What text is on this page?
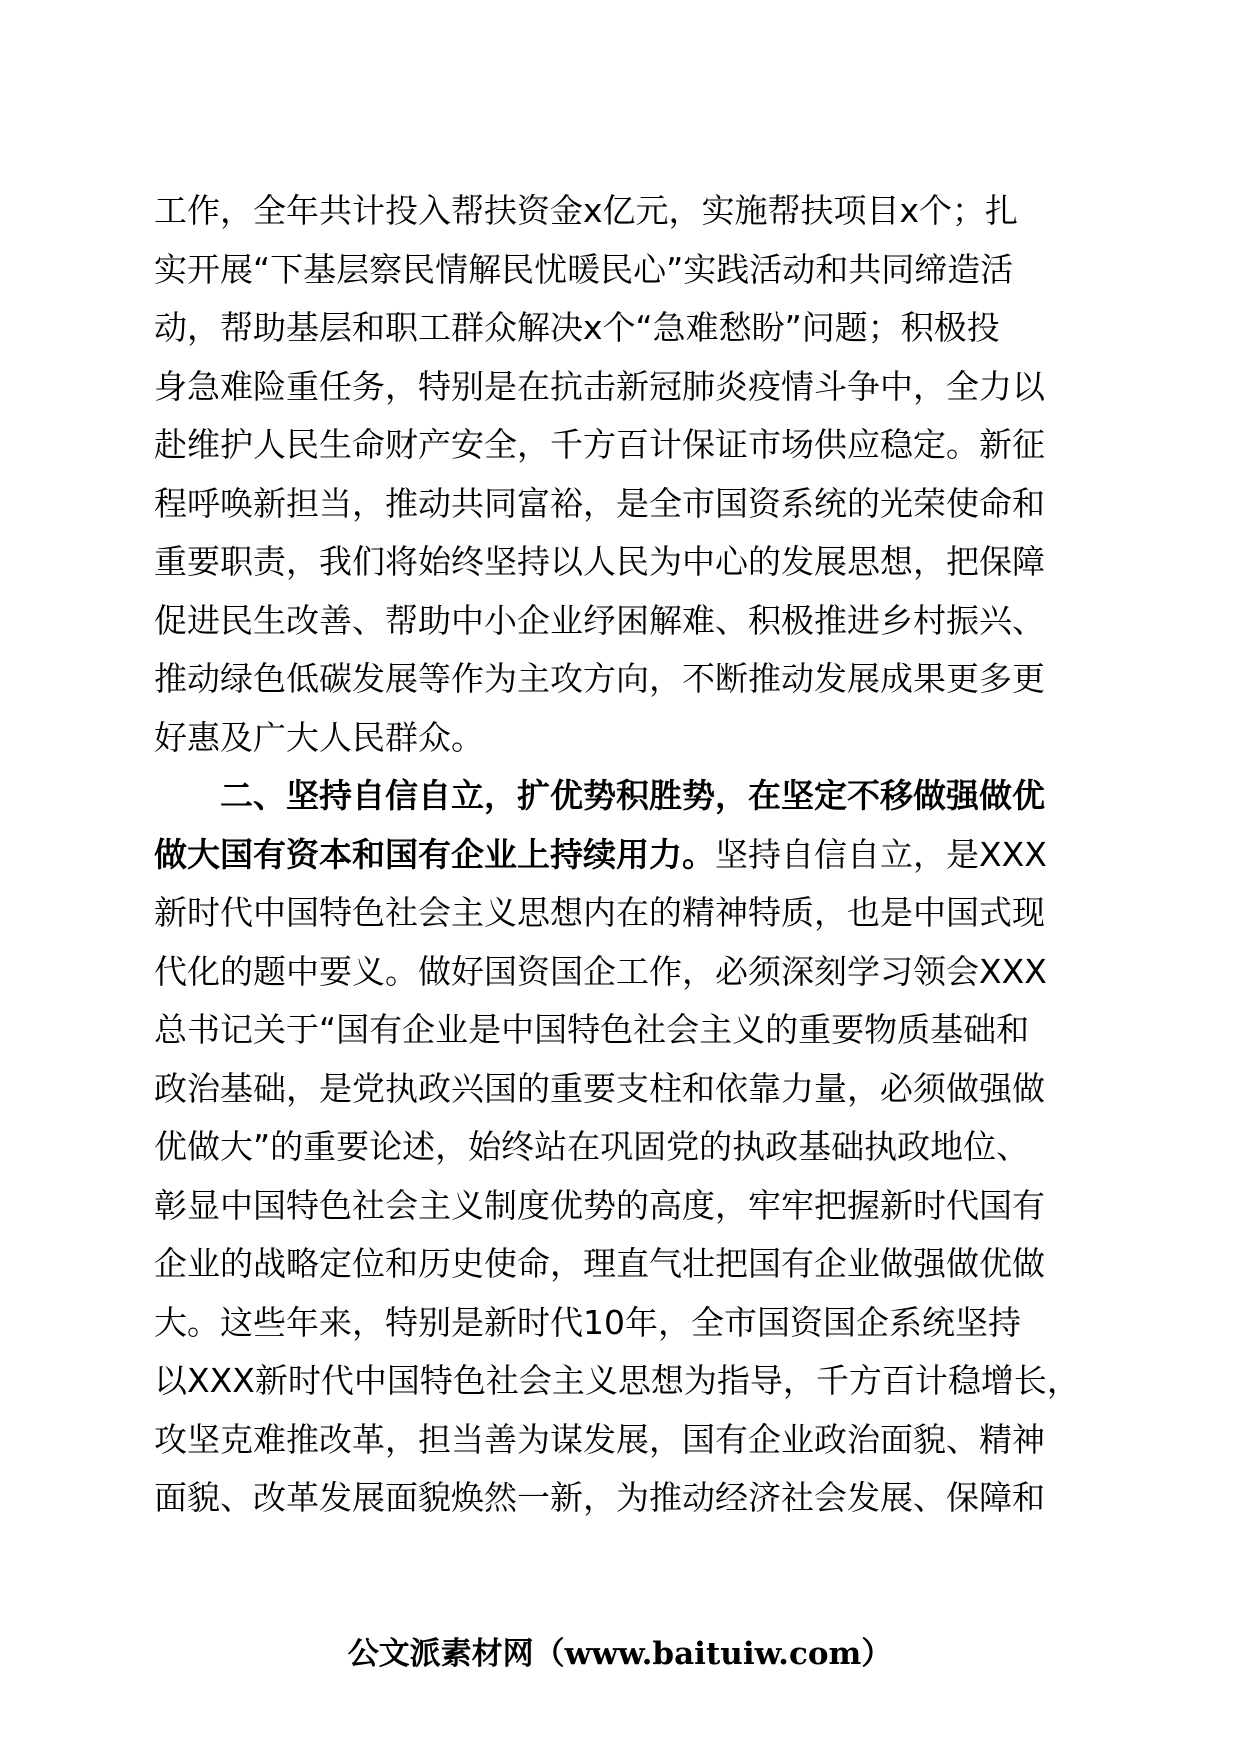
工作，全年共计投入帮扶资金x亿元，实施帮扶项目x个；扎
实开展“下基层察民情解民忧暖民心”实践活动和共同缔造活
动，帮助基层和职工群众解决x个“急难愁盼”问题；积极投
身急难险重任务，特别是在抗击新冠肺炎疫情斗争中，全力以
赴维护人民生命财产安全，千方百计保证市场供应稳定。新征
程呼唤新担当，推动共同富裕，是全市国资系统的光荣使命和
重要职责，我们将始终坚持以人民为中心的发展思想，把保障
促进民生改善、帮助中小企业纾困解难、积极推进乡村振兴、
推动绿色低碳发展等作为主攻方向，不断推动发展成果更多更
好惠及广大人民群众。
二、坚持自信自立，扩优势积胜势，在坚定不移做强做优
做大国有资本和国有企业上持续用力。坚持自信自立，是XXX
新时代中国特色社会主义思想内在的精神特质，也是中国式现
代化的题中要义。做好国资国企工作，必须深刻学习领会XXX
总书记关于“国有企业是中国特色社会主义的重要物质基础和
政治基础，是党执政兴国的重要支柱和依靠力量，必须做强做
优做大”的重要论述，始终站在巩固党的执政基础执政地位、
彰显中国特色社会主义制度优势的高度，牢牢把握新时代国有
企业的战略定位和历史使命，理直气壮把国有企业做强做优做
大。这些年来，特别是新时代10年，全市国资国企系统坚持
以XXX新时代中国特色社会主义思想为指导，千方百计稳增长，
攻坚克难推改革，担当善为谋发展，国有企业政治面貌、精神
面貌、改革发展面貌焕然一新，为推动经济社会发展、保障和
公文派素材网（www.baituiw.com）
